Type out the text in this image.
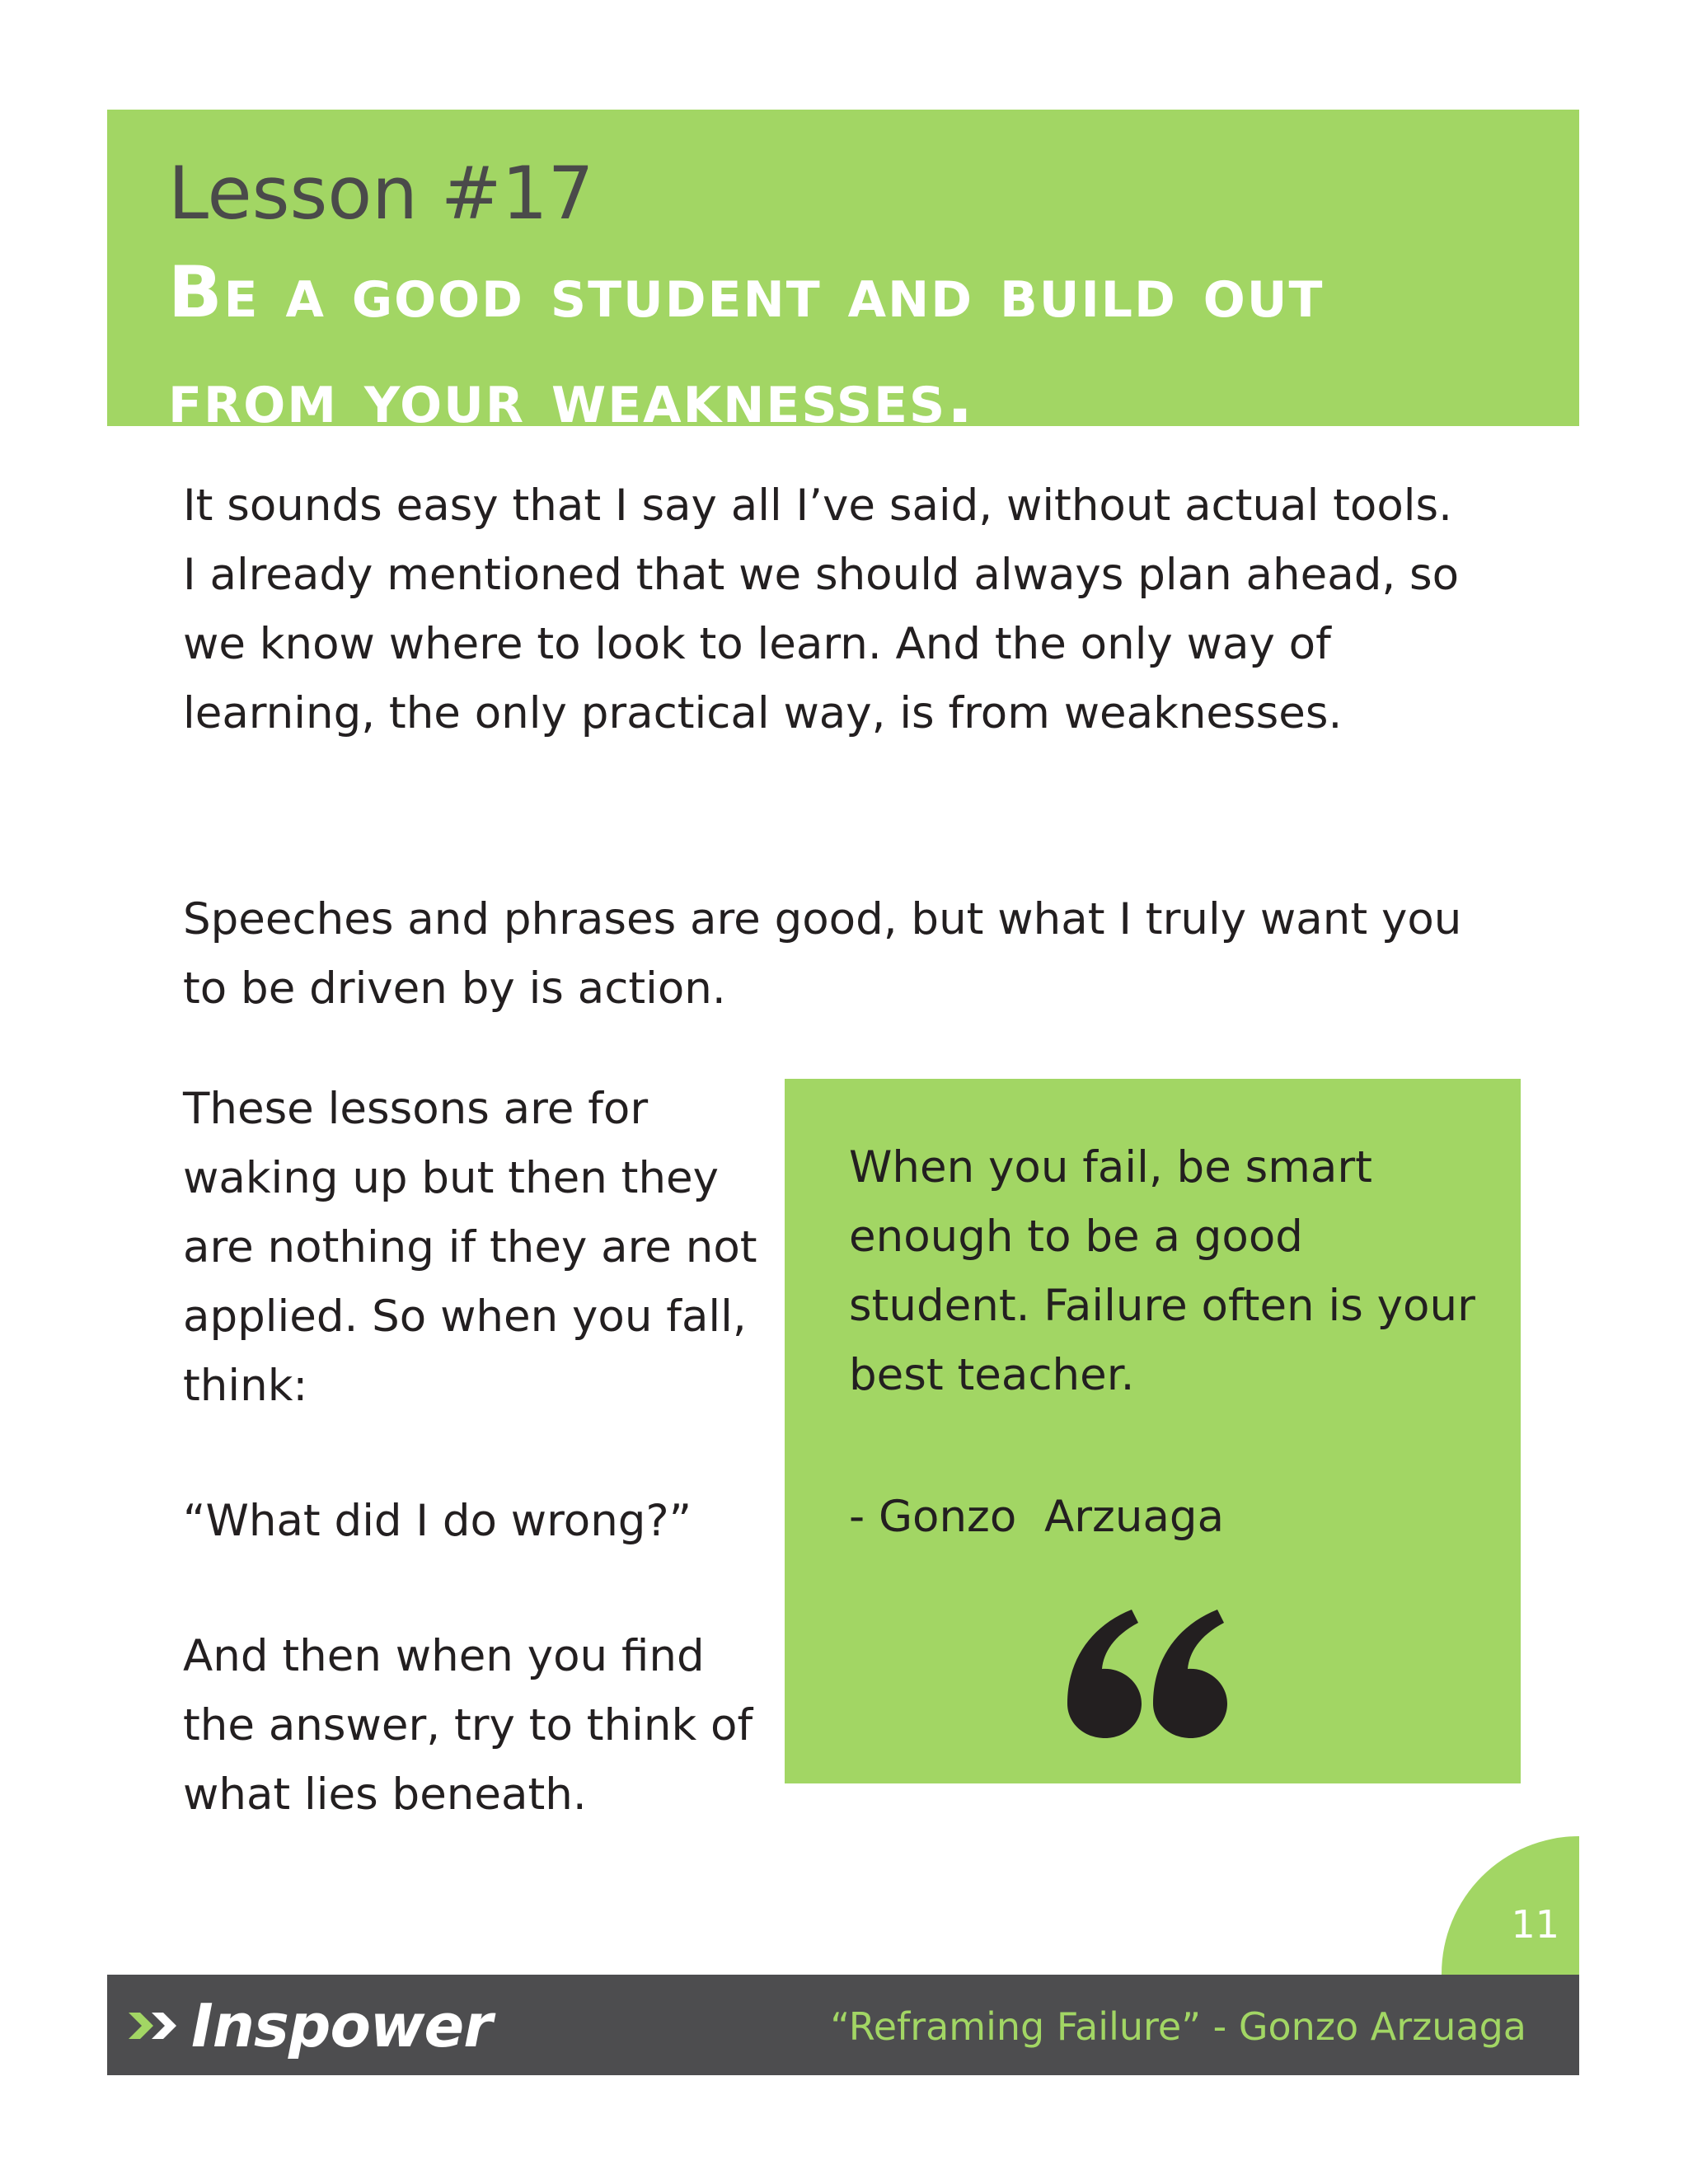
Lesson #17
Be a good student and build out from your weaknesses.

It sounds easy that I say all I’ve said, without actual tools. I already mentioned that we should always plan ahead, so we know where to look to learn. And the only way of learning, the only practical way, is from weaknesses.

Speeches and phrases are good, but what I truly want you to be driven by is action.

These lessons are for waking up but then they are nothing if they are not applied. So when you fall, think:

“What did I do wrong?”

And then when you find the answer, try to think of what lies beneath.

When you fail, be smart enough to be a good student. Failure often is your best teacher.

- Gonzo  Arzuaga
11
Inspower	“Reframing Failure” - Gonzo Arzuaga
